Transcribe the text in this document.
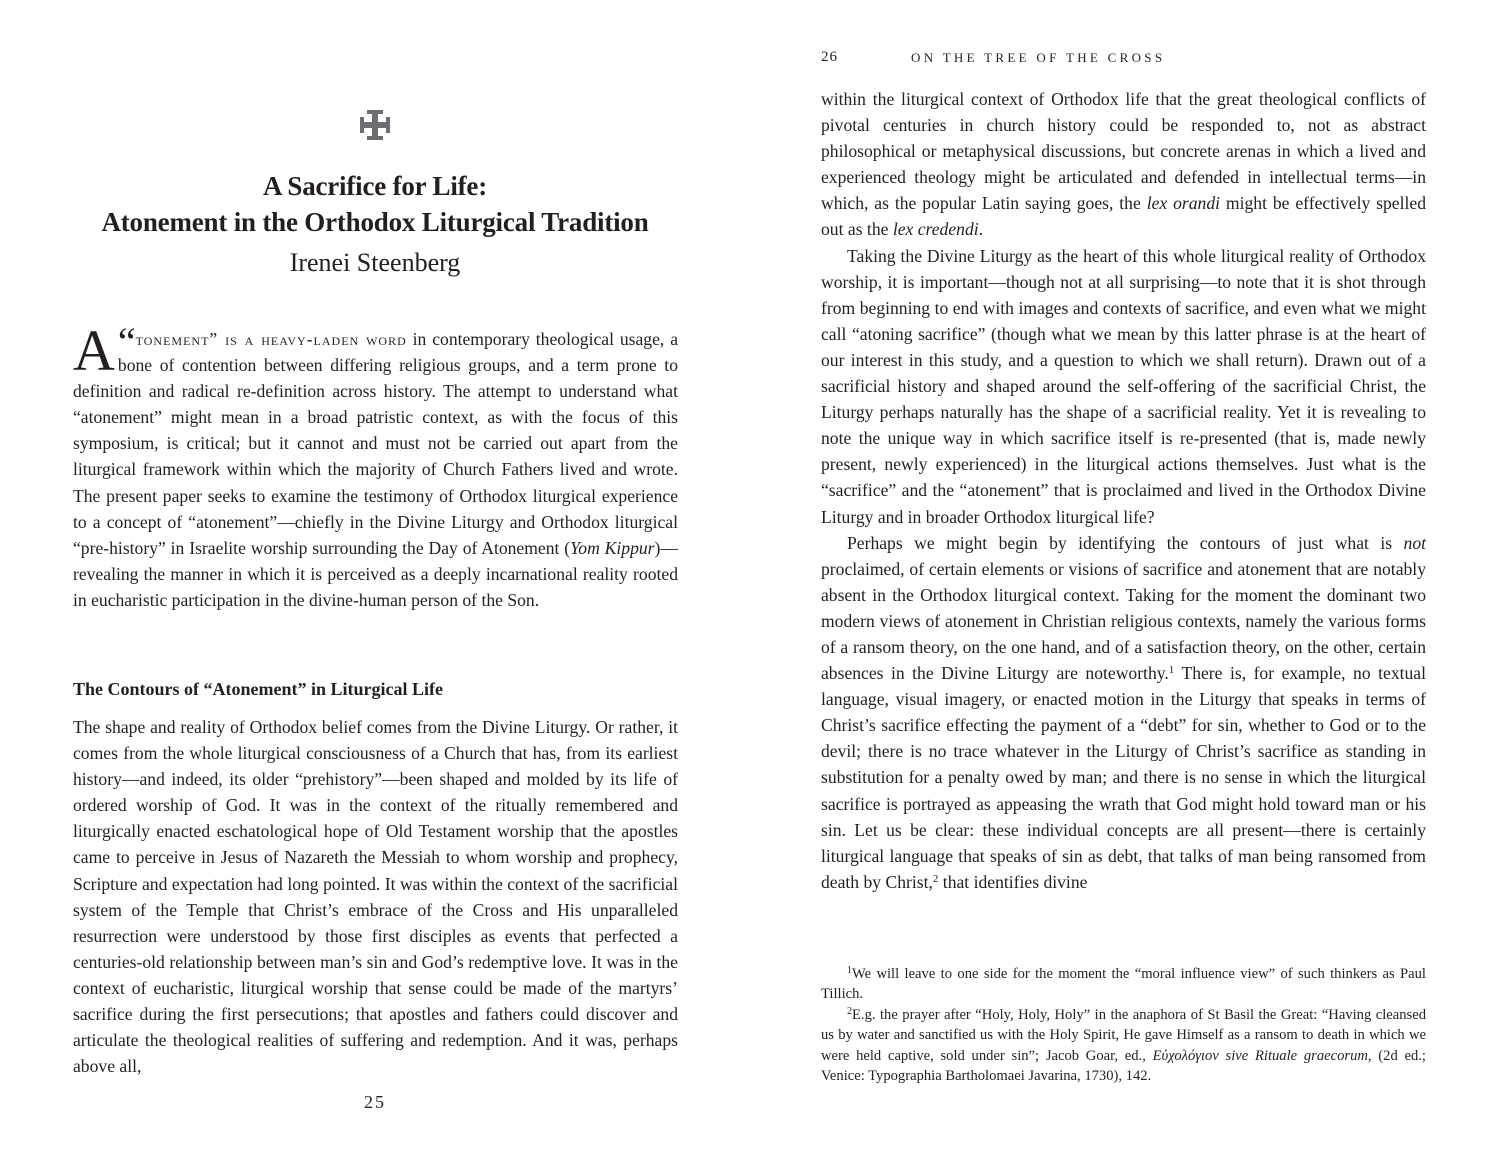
A Sacrifice for Life:
Atonement in the Orthodox Liturgical Tradition
Irenei Steenberg
“
A tonement” is a heavy-laden word in contemporary theological usage, a bone of contention between differing religious groups, and a term prone to definition and radical re-definition across history. The attempt to understand what “atonement” might mean in a broad patristic context, as with the focus of this symposium, is critical; but it cannot and must not be carried out apart from the liturgical framework within which the majority of Church Fathers lived and wrote. The present paper seeks to examine the testimony of Orthodox liturgical experience to a concept of “atonement”—chiefly in the Divine Liturgy and Orthodox liturgical “pre-history” in Israelite worship surrounding the Day of Atonement (Yom Kippur)—revealing the manner in which it is perceived as a deeply incarnational reality rooted in eucharistic participation in the divine-human person of the Son.
The Contours of “Atonement” in Liturgical Life
The shape and reality of Orthodox belief comes from the Divine Liturgy. Or rather, it comes from the whole liturgical consciousness of a Church that has, from its earliest history—and indeed, its older “prehistory”—been shaped and molded by its life of ordered worship of God. It was in the context of the ritually remembered and liturgically enacted eschatological hope of Old Testament worship that the apostles came to perceive in Jesus of Nazareth the Messiah to whom worship and prophecy, Scripture and expectation had long pointed. It was within the context of the sacrificial system of the Temple that Christ’s embrace of the Cross and His unparalleled resurrection were understood by those first disciples as events that perfected a centuries-old relationship between man’s sin and God’s redemptive love. It was in the context of eucharistic, liturgical worship that sense could be made of the martyrs’ sacrifice during the first persecutions; that apostles and fathers could discover and articulate the theological realities of suffering and redemption. And it was, perhaps above all,
25
26	ON THE TREE OF THE CROSS

within the liturgical context of Orthodox life that the great theological conflicts of pivotal centuries in church history could be responded to, not as abstract philosophical or metaphysical discussions, but concrete arenas in which a lived and experienced theology might be articulated and defended in intellectual terms—in which, as the popular Latin saying goes, the lex orandi might be effectively spelled out as the lex credendi.

Taking the Divine Liturgy as the heart of this whole liturgical reality of Orthodox worship, it is important—though not at all surprising—to note that it is shot through from beginning to end with images and contexts of sacrifice, and even what we might call “atoning sacrifice” (though what we mean by this latter phrase is at the heart of our interest in this study, and a question to which we shall return). Drawn out of a sacrificial history and shaped around the self-offering of the sacrificial Christ, the Liturgy perhaps naturally has the shape of a sacrificial reality. Yet it is revealing to note the unique way in which sacrifice itself is re-presented (that is, made newly present, newly experienced) in the liturgical actions themselves. Just what is the “sacrifice” and the “atonement” that is proclaimed and lived in the Orthodox Divine Liturgy and in broader Orthodox liturgical life?

Perhaps we might begin by identifying the contours of just what is not proclaimed, of certain elements or visions of sacrifice and atonement that are notably absent in the Orthodox liturgical context. Taking for the moment the dominant two modern views of atonement in Christian religious contexts, namely the various forms of a ransom theory, on the one hand, and of a satisfaction theory, on the other, certain absences in the Divine Liturgy are noteworthy.$^1$ There is, for example, no textual language, visual imagery, or enacted motion in the Liturgy that speaks in terms of Christ’s sacrifice effecting the payment of a “debt” for sin, whether to God or to the devil; there is no trace whatever in the Liturgy of Christ’s sacrifice as standing in substitution for a penalty owed by man; and there is no sense in which the liturgical sacrifice is portrayed as appeasing the wrath that God might hold toward man or his sin. Let us be clear: these individual concepts are all present—there is certainly liturgical language that speaks of sin as debt, that talks of man being ransomed from death by Christ,$^2$ that identifies divine

$^1$We will leave to one side for the moment the “moral influence view” of such thinkers as Paul Tillich.

$^2$E.g. the prayer after “Holy, Holy, Holy” in the anaphora of St Basil the Great: “Having cleansed us by water and sanctified us with the Holy Spirit, He gave Himself as a ransom to death in which we were held captive, sold under sin”; Jacob Goar, ed., Εὐχολόγιον sive Rituale graecorum, (2d ed.; Venice: Typographia Bartholomaei Javarina, 1730), 142.
